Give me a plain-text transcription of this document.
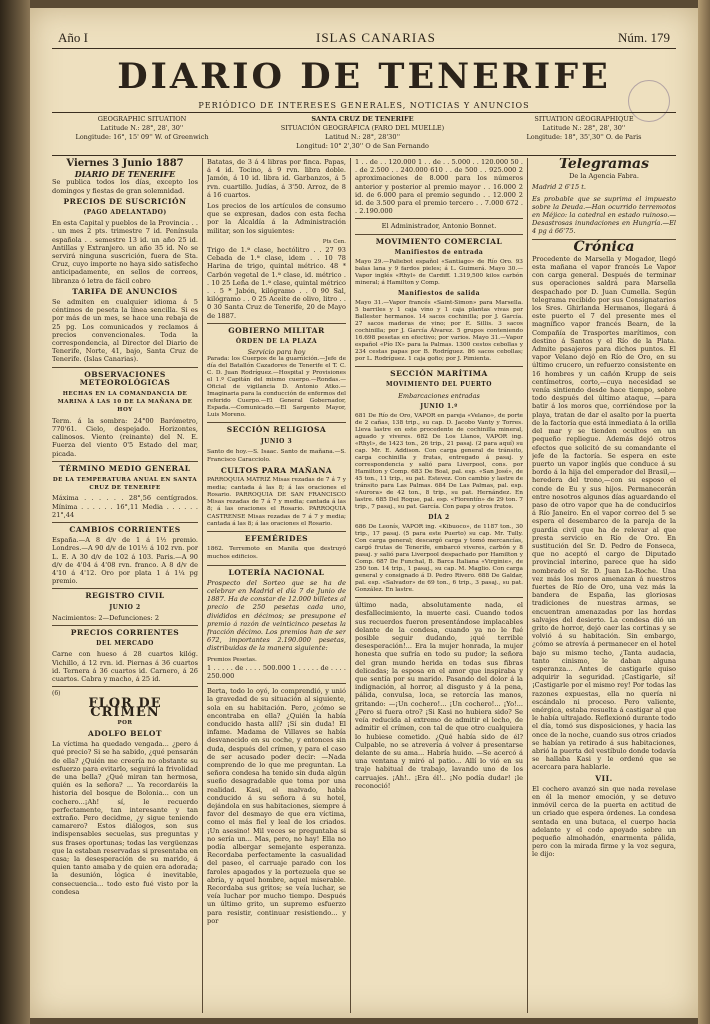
Año I	ISLAS CANARIAS	Núm. 179
DIARIO DE TENERIFE
PERIÓDICO DE INTERESES GENERALES, NOTICIAS Y ANUNCIOS
GEOGRAPHIC SITUATION
Latitude N.: 28°, 28', 30''
Longitude: 16°, 15' 09'' W. of Greenwich
SANTA CRUZ DE TENERIFE
SITUACIÓN GEOGRÁFICA (FARO DEL MUELLE)
Latitud N.: 28°, 28'30''
Longitud: 10° 2',30'' O de San Fernando
SITUATION GÉOGRAPHIQUE
Latitude N.: 28°, 28', 30''
Longitude: 18°, 35',30'' O. de Paris
Viernes 3 Junio 1887
DIARIO DE TENERIFE

Se publica todos los días, excepto los domingos y fiestas de gran solemnidad.

PRECIOS DE SUSCRICIÓN
(PAGO ADELANTADO)

En esta Capital y pueblos de la Provincia . . . un mes 2 pts. trimestre 7 id. Península española . . semestre 13 id. un año 25 id. Antillas y Extranjero. un año 35 id. No se servirá ninguna suscrición, fuera de Sta. Cruz, cuyo importe no haya sido satisfecho anticipadamente, en sellos de correos, libranza ó letra de fácil cobro

TARIFA DE ANUNCIOS

Se admiten en cualquier idioma á 5 céntimos de peseta la línea sencilla. Si es por más de un mes, se hace una rebaja de 25 pg. Los comunicados y reclamos á precios convencionales. Toda la correspondencia, al Director del Diario de Tenerife, Norte, 41, bajo, Santa Cruz de Tenerife. (Islas Canarias).

OBSERVACIONES METEOROLÓGICAS
HECHAS EN LA COMANDANCIA DE MARINA Á LAS 10 DE LA MAÑANA DE HOY

Term. á la sombra: 24°00 Barómetro, 770'61. Cielo, despejado. Horizontes, calinosos. Viento (reinante) del N. E. Fuerza del viento 0'5 Estado del mar, picada.

TÉRMINO MEDIO GENERAL
DE LA TEMPERATURA ANUAL EN SANTA CRUZ DE TENERIFE

Máxima . . . . . . 28°,56 centígrados. Mínima . . . . . . 16°,11 Media . . . . . . 21°,44

CAMBIOS CORRIENTES

España.—A 8 d/v de 1 á 1½ premio. Londres.—A 90 d/v de 101½ á 102 rvn. por L. E. A 30 d/v de 102 á 103. Paris.—A 90 d/v de 4'04 á 4'08 rvn. franco. A 8 d/v de 4'10 á 4'12. Oro por plata 1 á 1¼ pg premio.

REGISTRO CIVIL
JUNIO 2

Nacimientos: 2—Defunciones: 2

PRECIOS CORRIENTES
DEL MERCADO

Carne con hueso á 28 cuartos kilóg. Vichillo, á 12 rvn. id. Piernas á 36 cuartos id. Ternera á 36 cuartos id. Carnero, á 26 cuartos. Cabra y macho, á 25 id.

(6)
FLOR DE CRÍMEN
POR
ADOLFO BELOT

La víctima ha quedado vengada... ¿pero á qué precio? Si se ha sabido, ¿qué pensarán de ella? ¿Quién me creería no obstante su esfuerzo para evitarlo, seguirá la frivolidad de una bella? ¿Qué miran tan hermosa, quién es la señora? ... Ya recordaréis la historia del bosque de Bolonia... con un cochero...¡Ah! sí, le recuerdo perfectamente, tan interesante y tan extraño. Pero decidme, ¿y sigue teniendo camarero? Estos diálogos, son sus indispensables secuelas, sus preguntas y sus frases oportunas; todas las vergüenzas que la estaban reservadas si presentaba en casa; la desesperación de su marido, á quien tanto amaba y de quien era adorada; la desunión, lógica é inevitable, consecuencia... todo esto fué visto por la condesa

Batatas, de 3 á 4 libras por finca. Papas, á 4 id. Tocino, á 9 rvn. libra doble. Jamón, á 10 id. libra id. Garbanzos, á 5 rvn. cuartillo. Judías, á 3'50. Arroz, de 8 á 16 cuartos.

Los precios de los artículos de consumo que se expresan, dados con esta fecha por la Alcaldía á la Administración militar, son los siguientes:

Pts Cen.

Trigo de 1.ª clase, hectólitro . . 27 93 Cebada de 1.ª clase, idem . . 10 78 Harina de trigo, quintal métrico. 48 * Carbón vegetal de 1.ª clase, id. métrico . . 10 25 Leña de 1.ª clase, quintal métrico . . 5 * Jabón, kilógramo . . 0 90 Sal, kilógramo . . 0 25 Aceite de olivo, litro . . 0 30 Santa Cruz de Tenerife, 20 de Mayo de 1887.

GOBIERNO MILITAR
ÓRDEN DE LA PLAZA
Servicio para hoy

Parada: los Cuerpos de la guarnición.—Jefe de día del Batallón Cazadores de Tenerife el T. C. C. D. Juan Rodríguez.—Hospital y Provisiones el 1.º Capitán del mismo cuerpo.—Rondas.—Oficial de vigilancia D. Antonio Atko.—Imaginaria para la conducción de enfermos del referido Cuerpo.—El General Gobernador, Espada.—Comunicado.—El Sargento Mayor, Luis Moreno.

SECCIÓN RELIGIOSA
JUNIO 3

Santo de hoy.—S. Isaac. Santo de mañana.—S. Francisco Caracciolo.

CULTOS PARA MAÑANA

PARROQUIA MATRIZ Misas rezadas de 7 á 7 y media; cantada á las 8; á las oraciones el Rosario. PARROQUIA DE SAN FRANCISCO Misas rezadas de 7 á 7 y media; cantada á las 8; á las oraciones el Rosario. PARROQUIA CASTRENSE Misas rezadas de 7 á 7 y media; cantada á las 8; á las oraciones el Rosario.

EFEMÉRIDES

1862. Terremoto en Manila que destruyó muchos edificios.

LOTERÍA NACIONAL

Prospecto del Sorteo que se ha de celebrar en Madrid el día 7 de Junio de 1887. Ha de constar de 12.000 billetes al precio de 250 pesetas cada uno, divididos en décimos; se presupone el premio á razón de veinticinco pesetas la fracción décimo. Los premios han de ser 672, importantes 2.190.000 pesetas, distribuidas de la manera siguiente:

Premios Pesetas.

1 . . . . . de . . . . 500.000 1 . . . . . de . . . . 250.000

Berta, todo lo oyó, lo comprendió, y unió la gravedad de su situación al siguiente, sola en su habitación. Pero, ¿cómo se encontraba en ella? ¿Quién la había conducido hasta allí? ¡Sí sin duda! El infame. Madama de Villaves se había desvanecido en su coche, y entonces sin duda, después del crímen, y para el caso de ser acusado poder decir: —Nada comprendo de lo que me preguntan. La señora condesa ha tenido sin duda algún sueño desagradable que toma por una realidad. Kasi, el malvado, había conducido á su señora á su hotel, dejándola en sus habitaciones, siempre á favor del desmayo de que era víctima, como el más fiel y leal de los criados. ¡Un asesino! Mil veces se preguntaba si no sería un... Mas, pero, no hay! Ella no podía albergar semejante esperanza. Recordaba perfectamente la casualidad del paseo, el carruaje parado con los faroles apagados y la portezuela que se abría, y aquel hombre, aquel miserable. Recordaba sus gritos; se veía luchar, se veía luchar por mucho tiempo. Después un último grito, un supremo esfuerzo para resistir, continuar resistiendo... y por

1 . . de . . 120.000 1 . . de . . 5.000 . . 120.000 50 . . de 2.500 . . 240.000 610 . . de 500 . . 925.000 2 aproximaciones de 8.000 para los números anterior y posterior al premio mayor . . 16.000 2 id. de 6.000 para el premio segundo . . 12.000 2 id. de 3.500 para el premio tercero . . 7.000 672 . . 2.190.000

El Administrador, Antonio Bonnet.

MOVIMIENTO COMERCIAL
Manifiestos de entrada

Mayo 29.—Paliebot español «Santiago» de Río Oro. 93 balas lana y 9 fardos pieles; á L. Guimerá. Mayo 30.—Vapor inglés «Rhyl» de Cardiff. 1.319,500 kilos carbón mineral; á Hamilton y Comp.

Manifiestos de salida

Mayo 31.—Vapor francés «Saint-Simon» para Marsella. 5 barriles y 1 caja vino y 1 caja plantas vivas por Ballester hermanos. 14 sacos cochinilla; por J. García. 27 sacos maderas de vino; por E. Sillis. 3 sacos cochinilla; por J. García Álvarez. 5 grupos conteniendo 16.698 pesetas en efectivo; por varios. Mayo 31.—Vapor español «Pío IX» para la Palmas. 1300 cestos cebollas y 234 cestas papas por B. Rodríguez. 86 sacos cebollas; por L. Rodríguez. 1 caja gofio; por J. Pimienta.

SECCIÓN MARÍTIMA
MOVIMIENTO DEL PUERTO
Embarcaciones entradas
JUNIO 1.º

681 De Río de Oro, VAPOR en pareja «Velano», de porte de 2 cañas, 138 trip., su cap. D. Jacobo Vanty y Torres. Lleva lastre en este procedente de cochinilla mineral, aguado y viveres. 682 De Los Llanos, VAPOR ing. «Rhyl», de 1423 ton., 26 trip., 21 pasaj. (2 para aquí) su cap. Mr. E. Addison. Con carga general de tránsito, carga cochinilla y frutas, entregado á pasaj. y correspondencia y salió para Liverpool, cons. por Hamilton y Comp. 683 De Boal, pal. esp. «San José», de 45 ton., 11 trip., su pat. Estevez. Con cambio y lastre de tránsito para Las Palmas. 684 De Las Palmas, pal. esp. «Aurora» de 42 ton., 8 trip., su pat. Hernández. En lastre. 685 Del Roque, pal. esp. «Florentín» de 29 ton. 7 trip., 7 pasaj., su pat. García. Con papa y otros frutos.

DÍA 2

686 De Leonís, VAPOR ing. «Kibuoco», de 1187 ton., 30 trip., 17 pasaj. (5 para este Puerto) su cap. Mr. Tully. Con carga general; descargó carga y tomó mercancías, cargó frutas de Tenerife, embarcó viveres, carbón y 8 pasaj. y salió para Liverpool despachado por Hamilton y Comp. 687 De Funchal, B. Barca Italiana «Virginie», de 250 ton. 14 trip., 1 pasaj., su cap. M. Maglio. Con carga general y consignado á D. Pedro Rivero. 688 De Galdar, pal. esp. «Salvador» de 69 ton., 6 trip., 3 pasaj., su pat. González. En lastre.

último nada, absolutamente nada, el desfallecimiento, la muerte casi. Cuando todos sus recuerdos fueron presentándose implacables delante de la condesa, cuando ya no le fué posible seguir dudando, ¡qué terrible desesperación!... Era la mujer honrada, la mujer honesta que sufría en todo su pudor; la señora del gran mundo herida en todas sus fibras delicadas; la esposa en el amor que inspiraba y que sentía por su marido. Pasando del dolor á la indignación, al horror, al disgusto y á la pena, pálida, convulsa, loca, se retorcía las manos, gritando: —¡Un cochero!... ¡Un cochero!... ¡Yo!... ¿Pero si fuera otro? ¡Si Kasi no hubiera sido? Se veía reducida al extremo de admitir el lecho, de admitir el crímen, con tal de que otro cualquiera lo hubiese cometido. ¿Qué había sido de él? Culpable, no se atrevería á volver á presentarse delante de su ama... Habría huido. —Se acercó á una ventana y miró al patio... Allí lo vió en su traje habitual de trabajo, lavando uno de los carruajes. ¡Ah!.. ¡Era él!.. ¡No podía dudar! ¡le reconoció!

Telegramas

De la Agencia Fabra.

Madrid 2 6'15 t.

Es probable que se suprima el impuesto sobre la Deuda.—Han ocurrido terremotos en Méjico: la catedral en estado ruinoso.—Desastrosas inundaciones en Hungría.—El 4 pg á 66'75.

Crónica

Procedente de Marsella y Mogador, llegó esta mañana el vapor francés Le Vapor con carga general. Después de terminar sus operaciones saldrá para Marsella despachado por D. Juan Cumella. Según telegrama recibido por sus Consignatarios los Sres. Ghirlanda Hermanos, llegará á este puerto el 7 del presente mes el magnífico vapor francés Bearn, de la Compañía de Trasportes marítimos, con destino á Santos y el Río de la Plata. Admite pasajeros para dichos puntos. El vapor Velano dejó en Río de Oro, en su último crucero, un refuerzo consistente en 16 hombres y un cañón Krupp de seis centímetros, corto,—cuya necesidad se venía sintiendo desde hace tiempo, sobre todo después del último ataque, —para batir á los moros que, corriéndose por la playa, tratan de dar el asalto por la puerta de la factoría que está inmediata á la orilla del mar y se tienden ocultos en un pequeño repliegue. Además dejó otros efectos que solicitó de su comandante el jefe de la factoría. Se espera en este puerto un vapor inglés que conduce á su bordo á la hija del emperador del Brasil,—heredera del trono,—con su esposo el conde de Eu y sus hijos. Permanecerán entre nosotros algunos días aguardando el paso de otro vapor que ha de conducirlos á Río Janeiro. En el vapor correo del 5 se espera el desembarco de la pareja de la guardia civil que ha de relevar al que presta servicio en Río de Oro. En sustitución del Sr. D. Pedro de Fonseca, que no aceptó el cargo de Diputado provincial interino, parece que ha sido nombrado el Sr. D. Juan La-Roche. Una vez más los moros amenazan á nuestros fuertes de Río de Oro, una vez más la bandera de España, las gloriosas tradiciones de nuestras armas, se encuentran amenazadas por las hordas salvajes del desierto. La condesa dió un grito de horror, dejó caer las cortinas y se volvió á su habitación. Sin embargo, ¿cómo se atrevía á permanecer en el hotel bajo su mismo techo, ¿Tanta audacia, tanto cinismo, le daban alguna esperanza... Antes de castigarle quiso adquirir la seguridad. ¡Castigarle, sí! ¡Castigarle por el mismo rey! Por todas las razones expuestas, ella no quería ni escándalo ni proceso. Pero valiente, enérgica, estaba resuelta á castigar al que le había ultrajado. Reflexionó durante todo el día, tomó sus disposiciones, y hacia las once de la noche, cuando sus otros criados se habían ya retirado á sus habitaciones, abrió la puerta del vestíbulo donde todavía se hallaba Kasi y le ordenó que se acercara para hablarle.

VII.

El cochero avanzó sin que nada revelase en él la menor emoción, y se detuvo inmóvil cerca de la puerta en actitud de un criado que espera órdenes. La condesa sentada en una butaca, el cuerpo hacia adelante y el codo apoyado sobre un pequeño almohadón, enarmenta pálida, pero con la mirada firme y la voz segura, le dijo:
